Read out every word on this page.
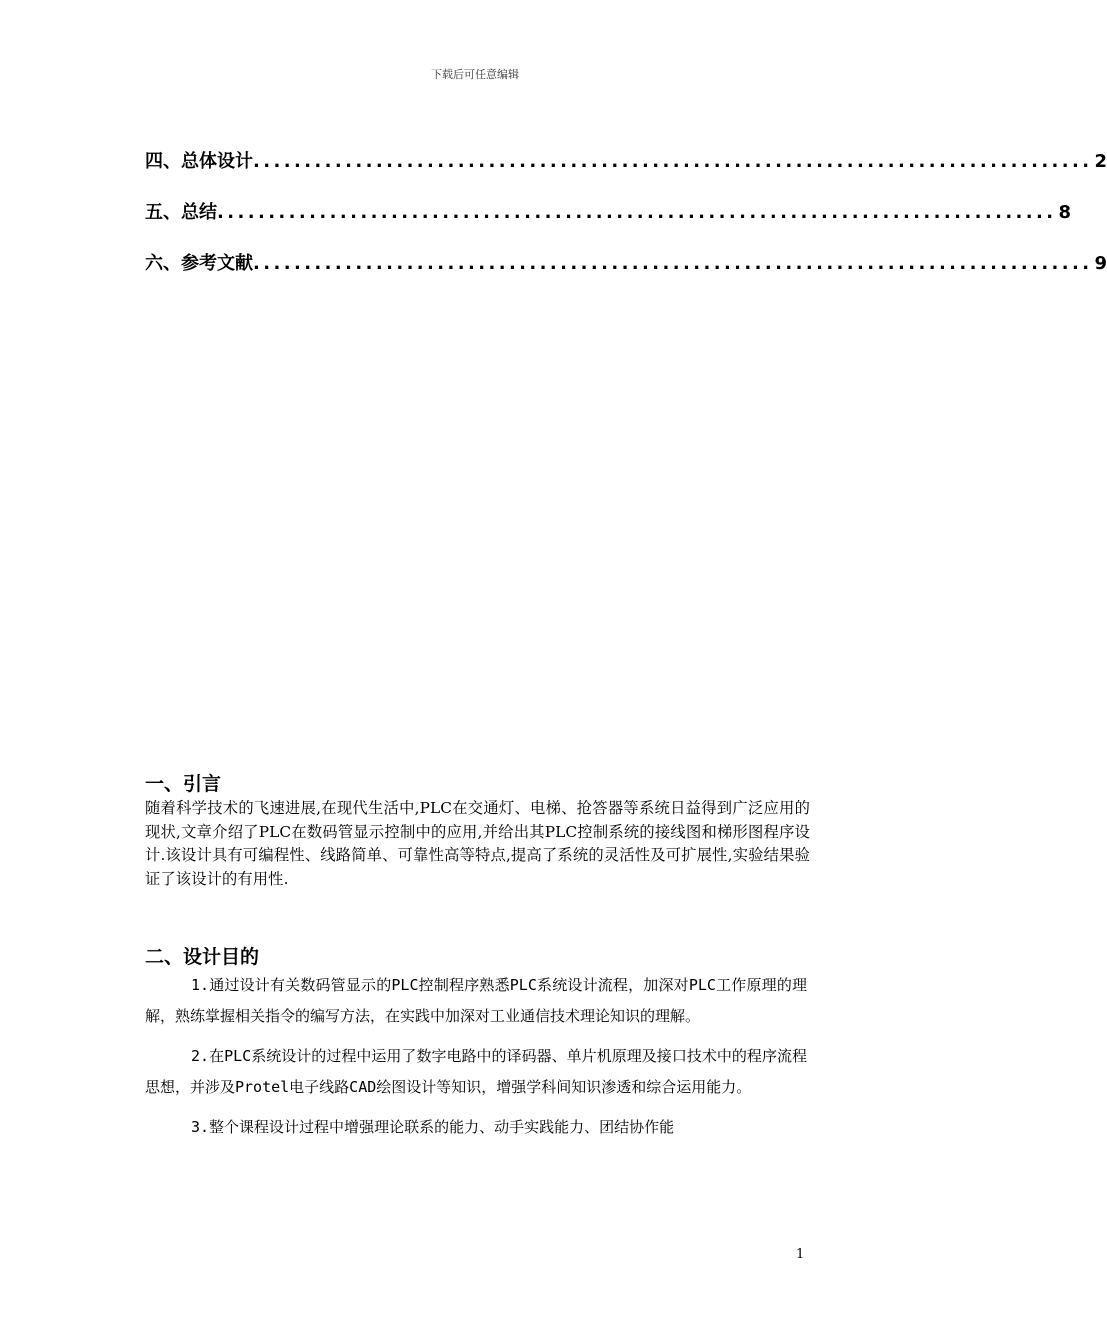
下载后可任意编辑
四、总体设计 .................................................................................. 2
五、总结 .................................................................................. 8
六、参考文献 .................................................................................. 9
一、引言
随着科学技术的飞速进展,在现代生活中,PLC在交通灯、电梯、抢答器等系统日益得到广泛应用的现状,文章介绍了PLC在数码管显示控制中的应用,并给出其PLC控制系统的接线图和梯形图程序设计.该设计具有可编程性、线路简单、可靠性高等特点,提高了系统的灵活性及可扩展性,实验结果验证了该设计的有用性.
二、设计目的

1.通过设计有关数码管显示的PLC控制程序熟悉PLC系统设计流程，加深对PLC工作原理的理解，熟练掌握相关指令的编写方法，在实践中加深对工业通信技术理论知识的理解。

2.在PLC系统设计的过程中运用了数字电路中的译码器、单片机原理及接口技术中的程序流程思想，并涉及Protel电子线路CAD绘图设计等知识，增强学科间知识渗透和综合运用能力。

3.整个课程设计过程中增强理论联系的能力、动手实践能力、团结协作能

1
